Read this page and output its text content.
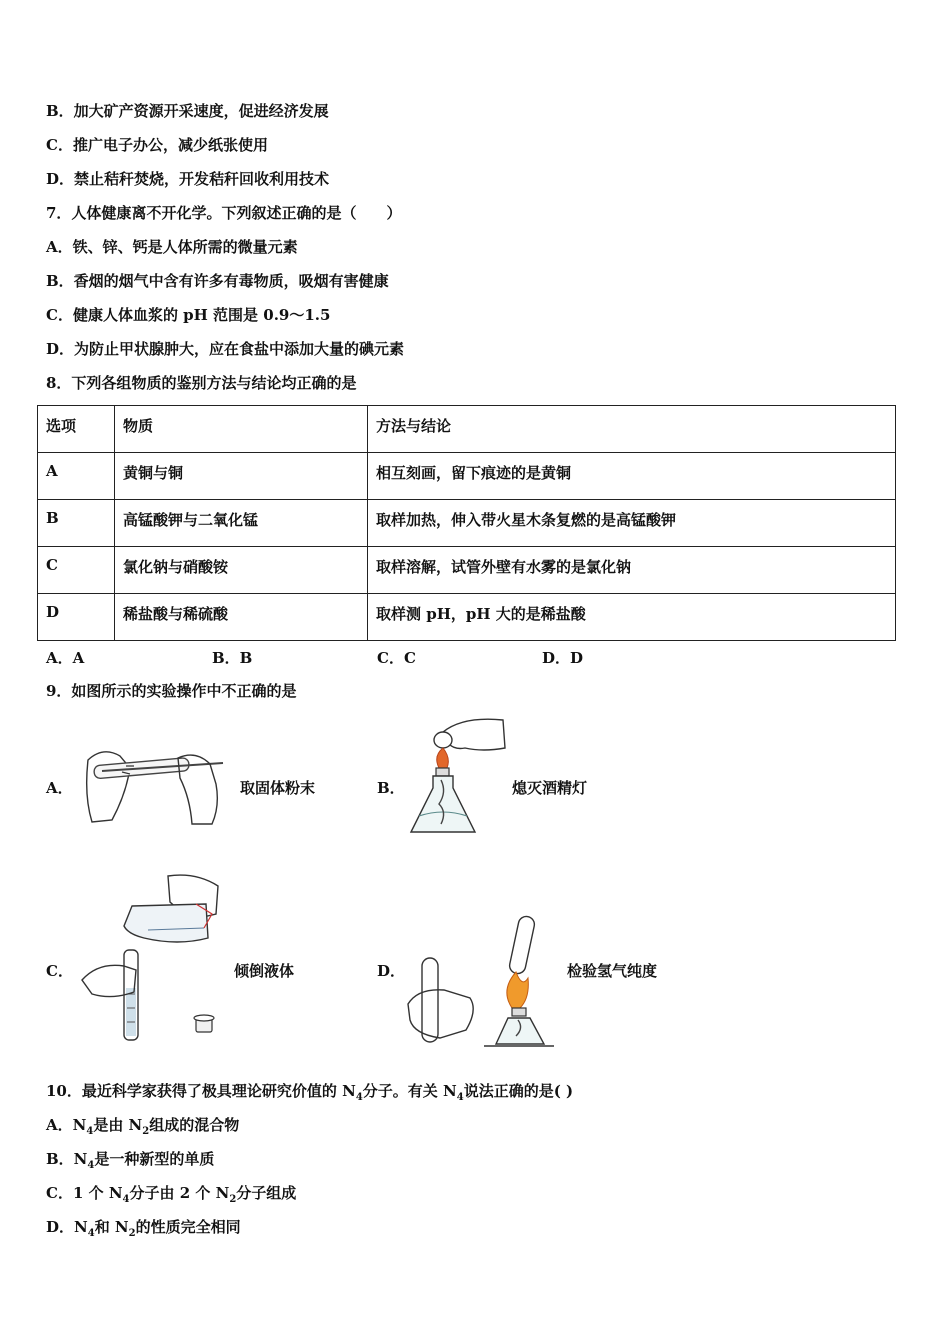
B．加大矿产资源开采速度，促进经济发展
C．推广电子办公，减少纸张使用
D．禁止秸秆焚烧，开发秸秆回收利用技术
7．人体健康离不开化学。下列叙述正确的是（　　）
A．铁、锌、钙是人体所需的微量元素
B．香烟的烟气中含有许多有毒物质，吸烟有害健康
C．健康人体血浆的 pH 范围是 0.9～1.5
D．为防止甲状腺肿大，应在食盐中添加大量的碘元素
8．下列各组物质的鉴别方法与结论均正确的是
选项	物质	方法与结论

A	黄铜与铜	相互刻画，留下痕迹的是黄铜

B	高锰酸钾与二氧化锰	取样加热，伸入带火星木条复燃的是高锰酸钾

C	氯化钠与硝酸铵	取样溶解，试管外壁有水雾的是氯化钠

D	稀盐酸与稀硫酸	取样测 pH，pH 大的是稀盐酸
A．A	B．B	C．C	D．D
9．如图所示的实验操作中不正确的是
A．	取固体粉末	B．	熄灭酒精灯
C．	倾倒液体	D．	检验氢气纯度
10．最近科学家获得了极具理论研究价值的 $N_4$分子。有关 $N_4$说法正确的是( )
A．$N_4$是由 $N_2$组成的混合物
B．$N_4$是一种新型的单质
C．1 个 $N_4$分子由 2 个 $N_2$分子组成
D．$N_4$和 $N_2$的性质完全相同
